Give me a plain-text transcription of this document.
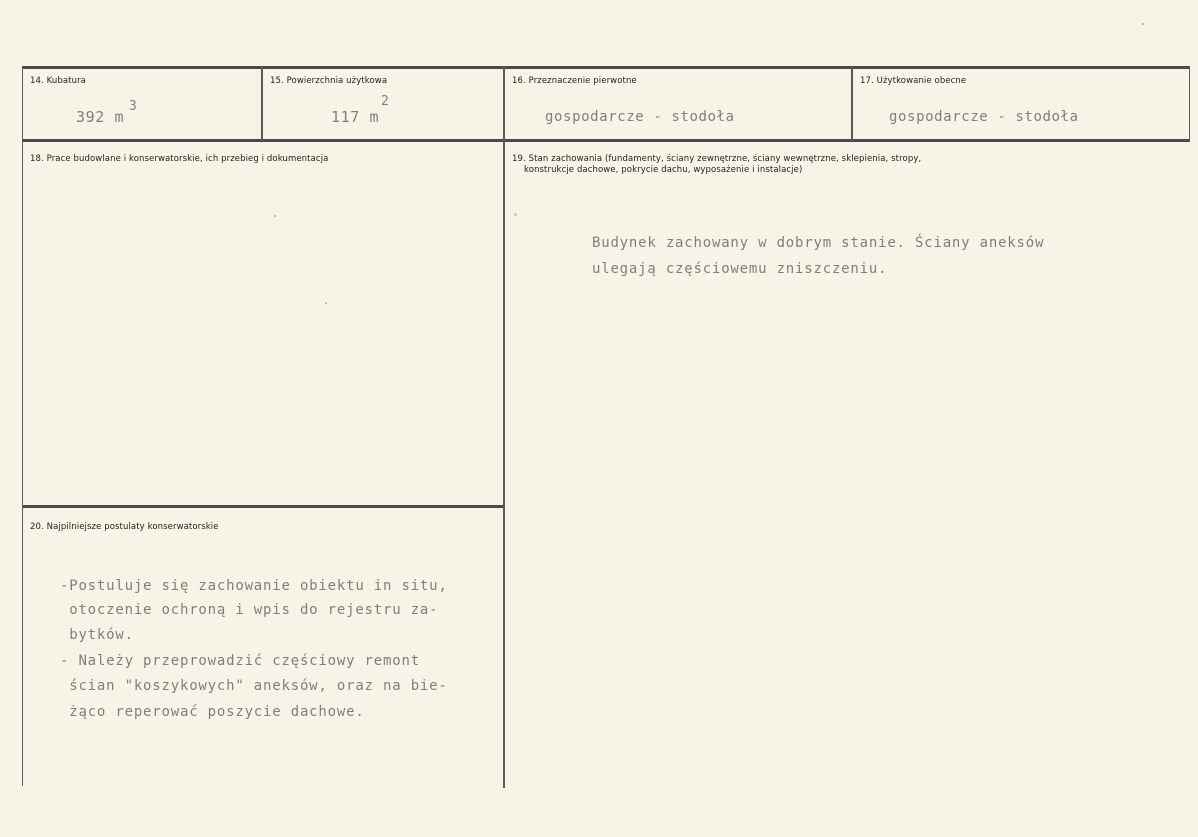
14. Kubatura
392 m
3
15. Powierzchnia użytkowa
117 m
2
16. Przeznaczenie pierwotne
gospodarcze - stodoła
17. Użytkowanie obecne
gospodarcze - stodoła
18. Prace budowlane i konserwatorskie, ich przebieg i dokumentacja	19. Stan zachowania (fundamenty, ściany zewnętrzne, ściany wewnętrzne, sklepienia, stropy,
konstrukcje dachowe, pokrycie dachu, wyposażenie i instalacje)
Budynek zachowany w dobrym stanie. Ściany aneksów
ulegają częściowemu zniszczeniu.
20. Najpilniejsze postulaty konserwatorskie
-Postuluje się zachowanie obiektu in situ,
otoczenie ochroną i wpis do rejestru za-
bytków.
- Należy przeprowadzić częściowy remont
ścian "koszykowych" aneksów, oraz na bie-
żąco reperować poszycie dachowe.
